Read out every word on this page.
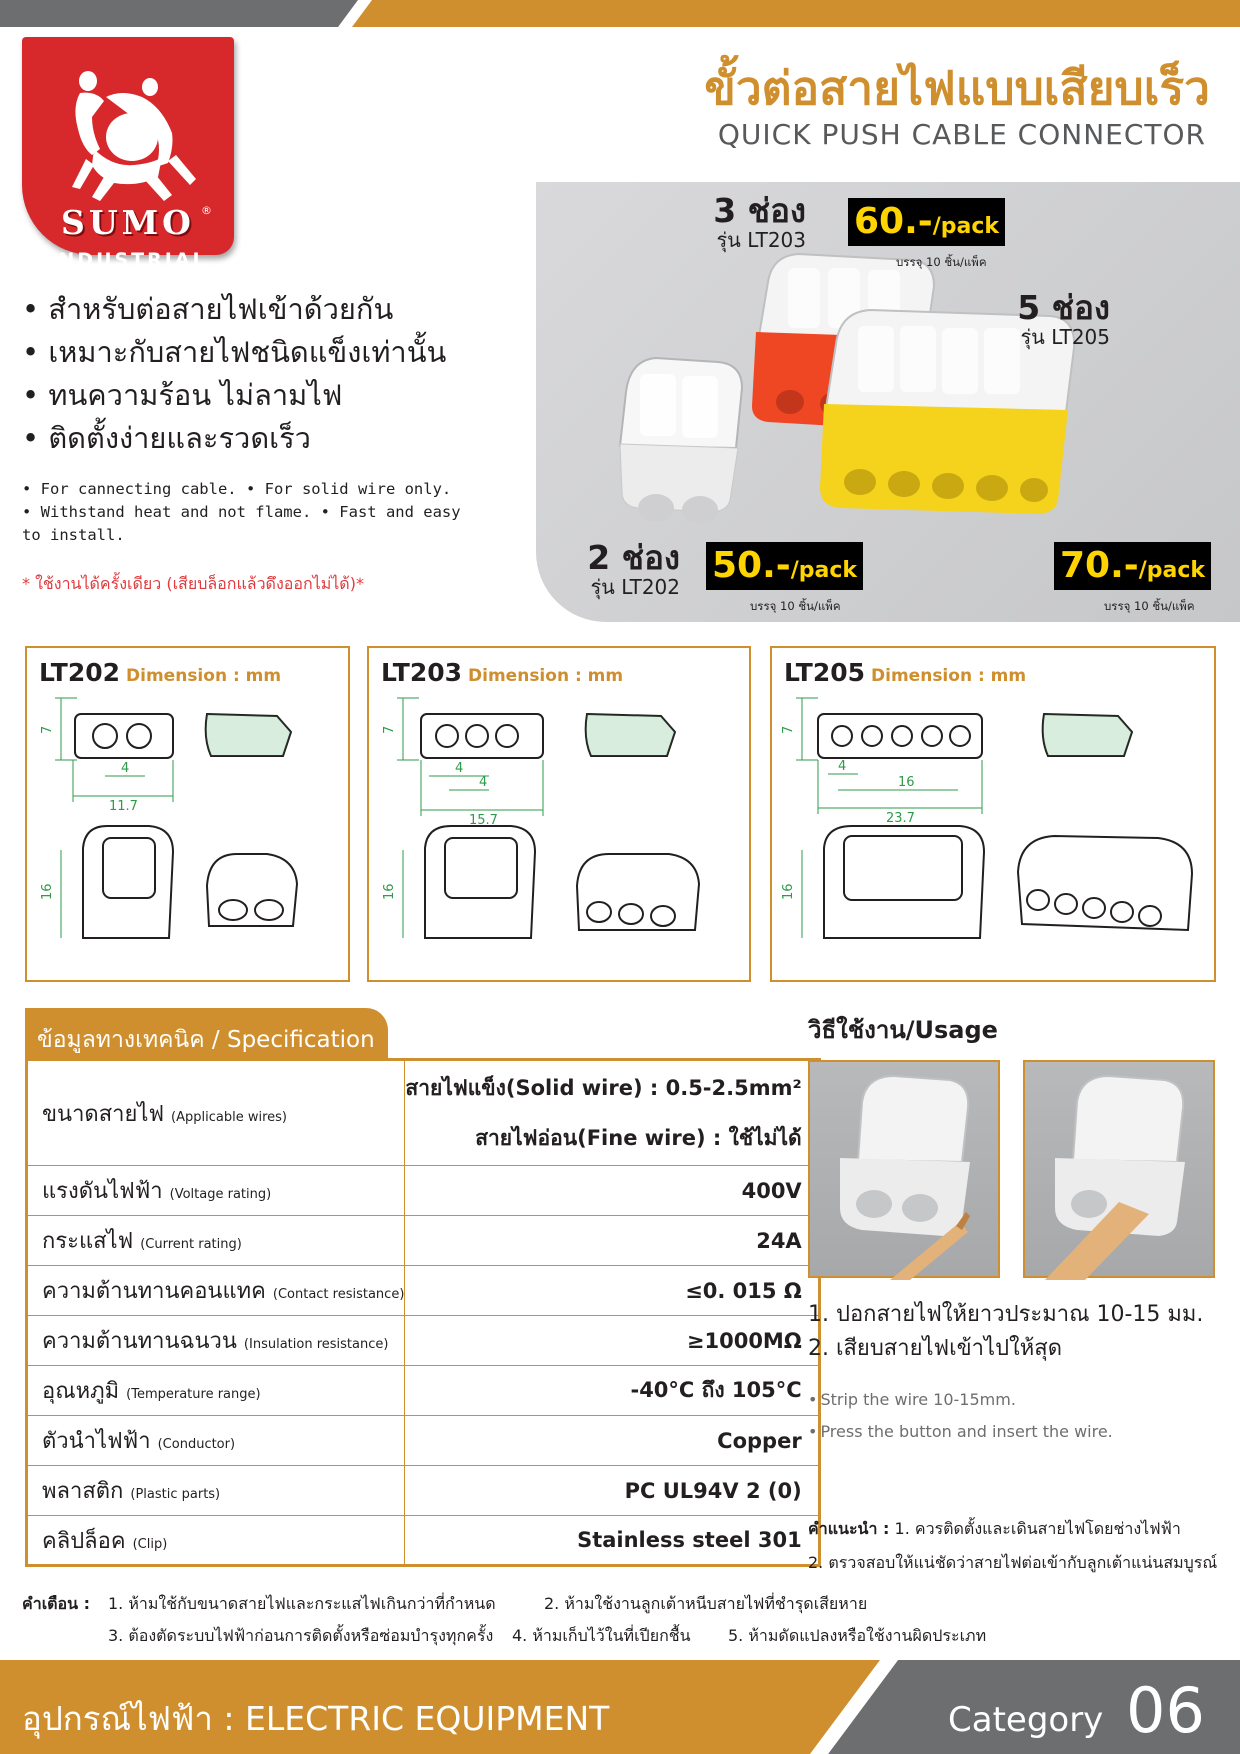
SUMO ®
INDUSTRIAL
ขั้วต่อสายไฟแบบเสียบเร็ว
QUICK PUSH CABLE CONNECTOR
• สำหรับต่อสายไฟเข้าด้วยกัน
• เหมาะกับสายไฟชนิดแข็งเท่านั้น
• ทนความร้อน ไม่ลามไฟ
• ติดตั้งง่ายและรวดเร็ว
• For cannecting cable. • For solid wire only.
• Withstand heat and not flame. • Fast and easy to install.
* ใช้งานได้ครั้งเดียว (เสียบล็อกแล้วดึงออกไม่ได้)*
3 ช่อง
รุ่น LT203 60.-/pack
บรรจุ 10 ชิ้น/แพ็ค
5 ช่อง
รุ่น LT205
70.-/pack
บรรจุ 10 ชิ้น/แพ็ค
2 ช่อง
รุ่น LT202
50.-/pack
บรรจุ 10 ชิ้น/แพ็ค
LT202 Dimension : mm
7
4
11.7
16
LT203 Dimension : mm
7
4
4
15.7
16
LT205 Dimension : mm
7
4
16
23.7
16
ข้อมูลทางเทคนิค / Specification
ขนาดสายไฟ (Applicable wires)	สายไฟแข็ง(Solid wire) : 0.5-2.5mm²
สายไฟอ่อน(Fine wire) : ใช้ไม่ได้

แรงดันไฟฟ้า (Voltage rating)	400V
กระแสไฟ (Current rating)	24A
ความต้านทานคอนแทค (Contact resistance)	≤0. 015 Ω
ความต้านทานฉนวน (Insulation resistance)	≥1000MΩ
อุณหภูมิ (Temperature range)	-40°C ถึง 105°C
ตัวนำไฟฟ้า (Conductor)	Copper
พลาสติก (Plastic parts)	PC UL94V 2 (0)
คลิปล็อค (Clip)	Stainless steel 301
วิธีใช้งาน/Usage
1. ปอกสายไฟให้ยาวประมาณ 10-15 มม.
2. เสียบสายไฟเข้าไปให้สุด
• Strip the wire 10-15mm.
• Press the button and insert the wire.
คำแนะนำ : 1. ควรติดตั้งและเดินสายไฟโดยช่างไฟฟ้า
2. ตรวจสอบให้แน่ชัดว่าสายไฟต่อเข้ากับลูกเต้าแน่นสมบูรณ์
คำเตือน : 1. ห้ามใช้กับขนาดสายไฟและกระแสไฟเกินกว่าที่กำหนด	2. ห้ามใช้งานลูกเต้าหนีบสายไฟที่ชำรุดเสียหาย
3. ต้องตัดระบบไฟฟ้าก่อนการติดตั้งหรือซ่อมบำรุงทุกครั้ง 4. ห้ามเก็บไว้ในที่เปียกชื้น 5. ห้ามดัดแปลงหรือใช้งานผิดประเภท
อุปกรณ์ไฟฟ้า : ELECTRIC EQUIPMENT	Category 06
